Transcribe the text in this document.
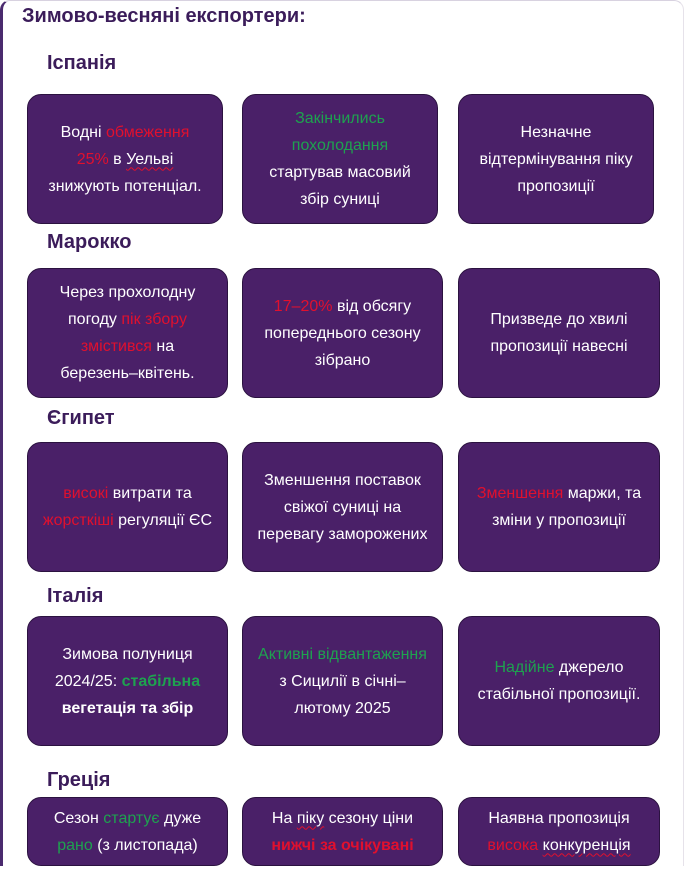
Зимово-весняні експортери:
Іспанія

Водні обмеження
25% в Уельві знижують потенціал.

Закінчились
похолодання стартував масовий збір суниці

Незначне відтермінування піку пропозиції

Марокко

Через прохолодну погоду пік збору змістився на березень–квітень.

17–20% від обсягу попереднього сезону зібрано

Призведе до хвилі пропозиції навесні

Єгипет

високі витрати та
жорсткіші регуляції ЄС

Зменшення поставок свіжої суниці на перевагу заморожених

Зменшення маржи, та зміни у пропозиції

Італія

Зимова полуниця 2024/25: стабільна
вегетація та збір

Активні відвантаження з Сицилії в січні–лютому 2025

Надійне джерело стабільної пропозиції.

Греція

Сезон стартує дуже
рано (з листопада)

На піку сезону ціни
нижчі за очікувані

Наявна пропозиція
висока конкуренція
